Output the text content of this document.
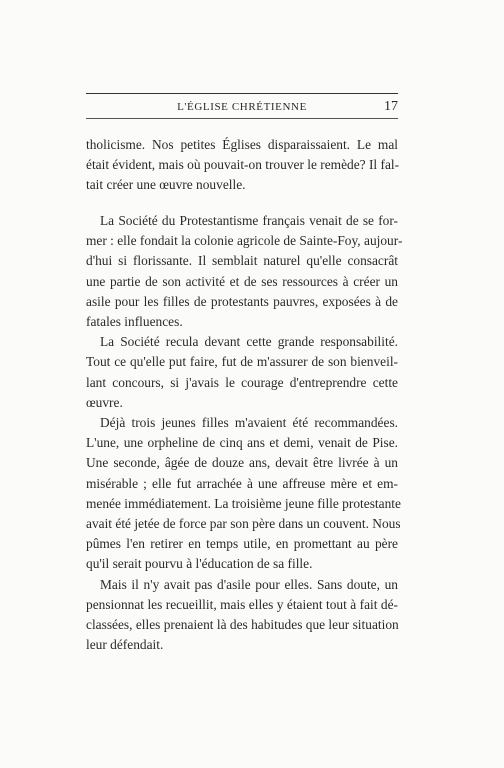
L'ÉGLISE CHRÉTIENNE	17
tholicisme. Nos petites Églises disparaissaient. Le mal
était évident, mais où pouvait-on trouver le remède? Il fal-
tait créer une œuvre nouvelle.
La Société du Protestantisme français venait de se for-
mer : elle fondait la colonie agricole de Sainte-Foy, aujour-
d'hui si florissante. Il semblait naturel qu'elle consacrât
une partie de son activité et de ses ressources à créer un
asile pour les filles de protestants pauvres, exposées à de
fatales influences.
La Société recula devant cette grande responsabilité.
Tout ce qu'elle put faire, fut de m'assurer de son bienveil-
lant concours, si j'avais le courage d'entreprendre cette
œuvre.
Déjà trois jeunes filles m'avaient été recommandées.
L'une, une orpheline de cinq ans et demi, venait de Pise.
Une seconde, âgée de douze ans, devait être livrée à un
misérable ; elle fut arrachée à une affreuse mère et em-
menée immédiatement. La troisième jeune fille protestante
avait été jetée de force par son père dans un couvent. Nous
pûmes l'en retirer en temps utile, en promettant au père
qu'il serait pourvu à l'éducation de sa fille.
Mais il n'y avait pas d'asile pour elles. Sans doute, un
pensionnat les recueillit, mais elles y étaient tout à fait dé-
classées, elles prenaient là des habitudes que leur situation
leur défendait.
